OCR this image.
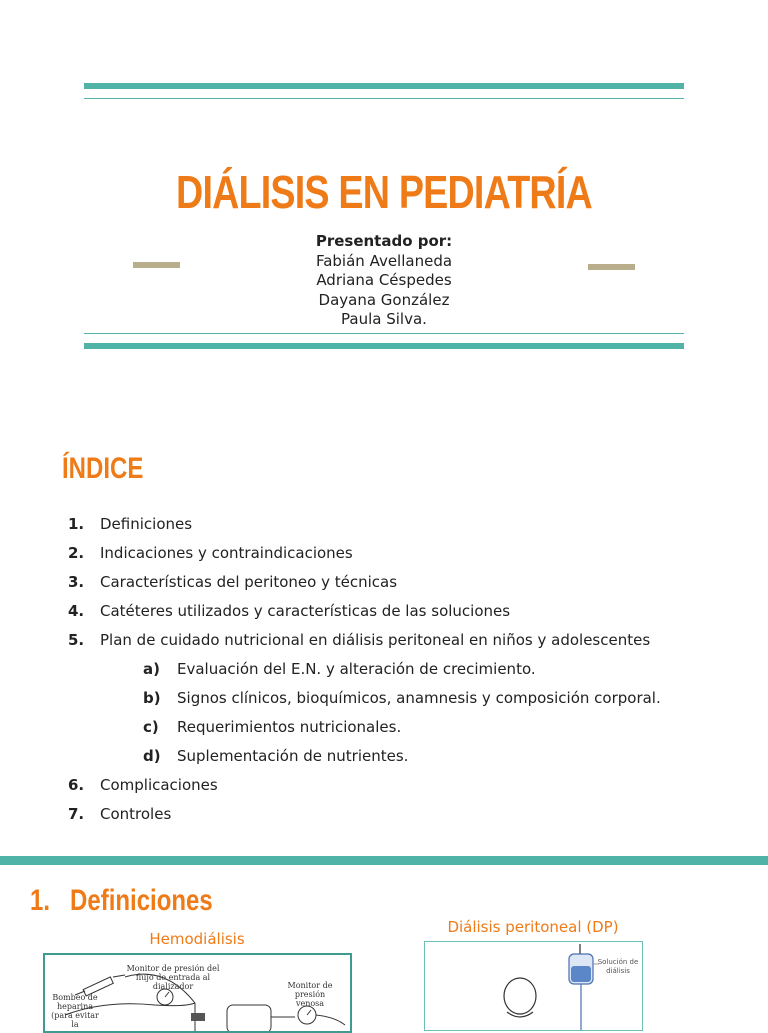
DIÁLISIS EN PEDIATRÍA
Presentado por:
Fabián Avellaneda
Adriana Céspedes
Dayana González
Paula Silva.
ÍNDICE
1.	Definiciones
2.	Indicaciones y contraindicaciones
3.	Características del peritoneo y técnicas
4.	Catéteres utilizados y características de las soluciones
5.	Plan de cuidado nutricional en diálisis peritoneal en niños y adolescentes
a)	Evaluación del E.N. y alteración de crecimiento.
b)	Signos clínicos, bioquímicos, anamnesis y composición corporal.
c)	Requerimientos nutricionales.
d)	Suplementación de nutrientes.
6.	Complicaciones
7.	Controles
1.   Definiciones
Hemodiálisis
Diálisis peritoneal (DP)
Monitor de presión del flujo de entrada al dializador	Monitor de presión venosa
Bombeo de heparina (para evitar la
Solución de diálisis
